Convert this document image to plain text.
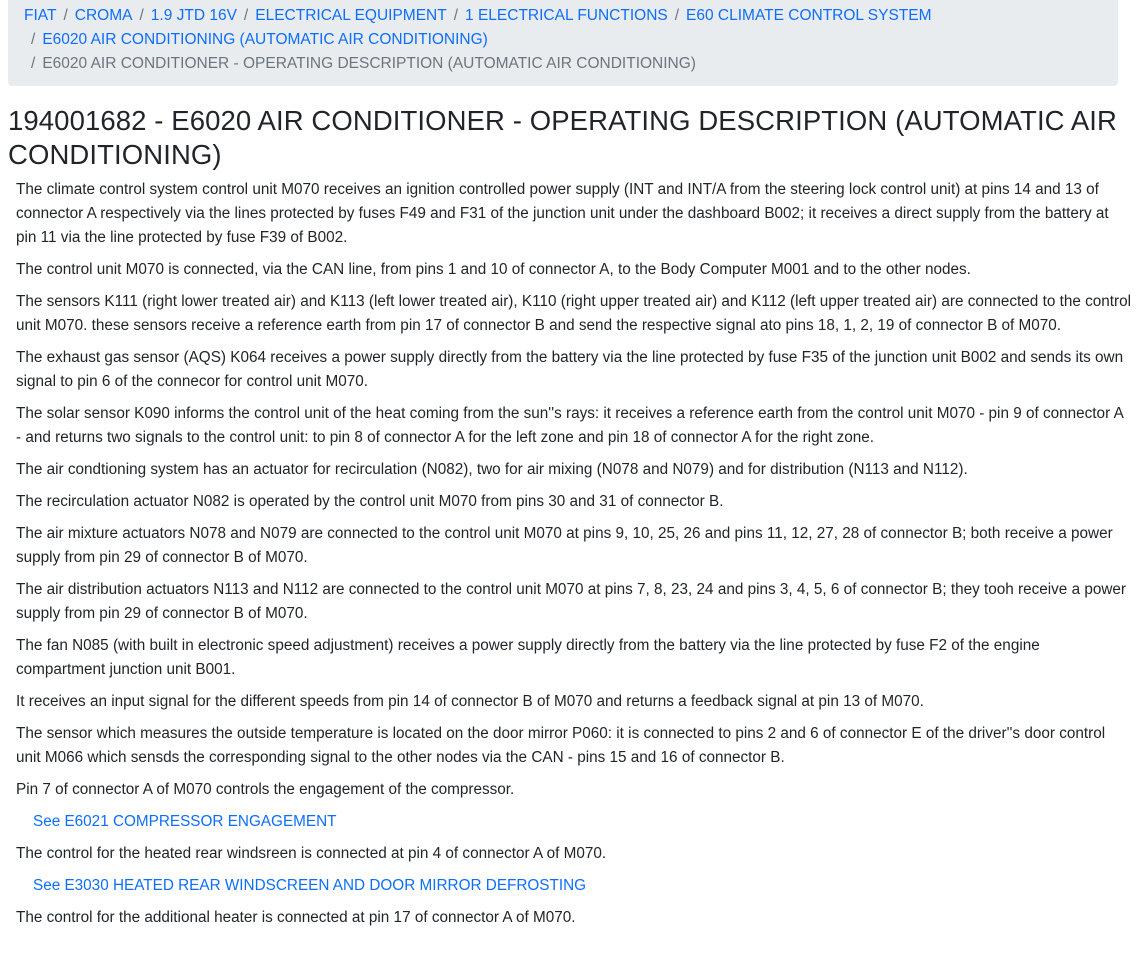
FIAT / CROMA / 1.9 JTD 16V / ELECTRICAL EQUIPMENT / 1 ELECTRICAL FUNCTIONS / E60 CLIMATE CONTROL SYSTEM
/ E6020 AIR CONDITIONING (AUTOMATIC AIR CONDITIONING)
/ E6020 AIR CONDITIONER - OPERATING DESCRIPTION (AUTOMATIC AIR CONDITIONING)
194001682 - E6020 AIR CONDITIONER - OPERATING DESCRIPTION (AUTOMATIC AIR CONDITIONING)

The climate control system control unit M070 receives an ignition controlled power supply (INT and INT/A from the steering lock control unit) at pins 14 and 13 of connector A respectively via the lines protected by fuses F49 and F31 of the junction unit under the dashboard B002; it receives a direct supply from the battery at pin 11 via the line protected by fuse F39 of B002.

The control unit M070 is connected, via the CAN line, from pins 1 and 10 of connector A, to the Body Computer M001 and to the other nodes.

The sensors K111 (right lower treated air) and K113 (left lower treated air), K110 (right upper treated air) and K112 (left upper treated air) are connected to the control unit M070. these sensors receive a reference earth from pin 17 of connector B and send the respective signal ato pins 18, 1, 2, 19 of connector B of M070.

The exhaust gas sensor (AQS) K064 receives a power supply directly from the battery via the line protected by fuse F35 of the junction unit B002 and sends its own signal to pin 6 of the connecor for control unit M070.

The solar sensor K090 informs the control unit of the heat coming from the sun''s rays: it receives a reference earth from the control unit M070 - pin 9 of connector A - and returns two signals to the control unit: to pin 8 of connector A for the left zone and pin 18 of connector A for the right zone.

The air condtioning system has an actuator for recirculation (N082), two for air mixing (N078 and N079) and for distribution (N113 and N112).

The recirculation actuator N082 is operated by the control unit M070 from pins 30 and 31 of connector B.

The air mixture actuators N078 and N079 are connected to the control unit M070 at pins 9, 10, 25, 26 and pins 11, 12, 27, 28 of connector B; both receive a power supply from pin 29 of connector B of M070.

The air distribution actuators N113 and N112 are connected to the control unit M070 at pins 7, 8, 23, 24 and pins 3, 4, 5, 6 of connector B; they tooh receive a power supply from pin 29 of connector B of M070.

The fan N085 (with built in electronic speed adjustment) receives a power supply directly from the battery via the line protected by fuse F2 of the engine compartment junction unit B001.

It receives an input signal for the different speeds from pin 14 of connector B of M070 and returns a feedback signal at pin 13 of M070.

The sensor which measures the outside temperature is located on the door mirror P060: it is connected to pins 2 and 6 of connector E of the driver''s door control unit M066 which sensds the corresponding signal to the other nodes via the CAN - pins 15 and 16 of connector B.

Pin 7 of connector A of M070 controls the engagement of the compressor.

See E6021 COMPRESSOR ENGAGEMENT

The control for the heated rear windsreen is connected at pin 4 of connector A of M070.

See E3030 HEATED REAR WINDSCREEN AND DOOR MIRROR DEFROSTING

The control for the additional heater is connected at pin 17 of connector A of M070.
